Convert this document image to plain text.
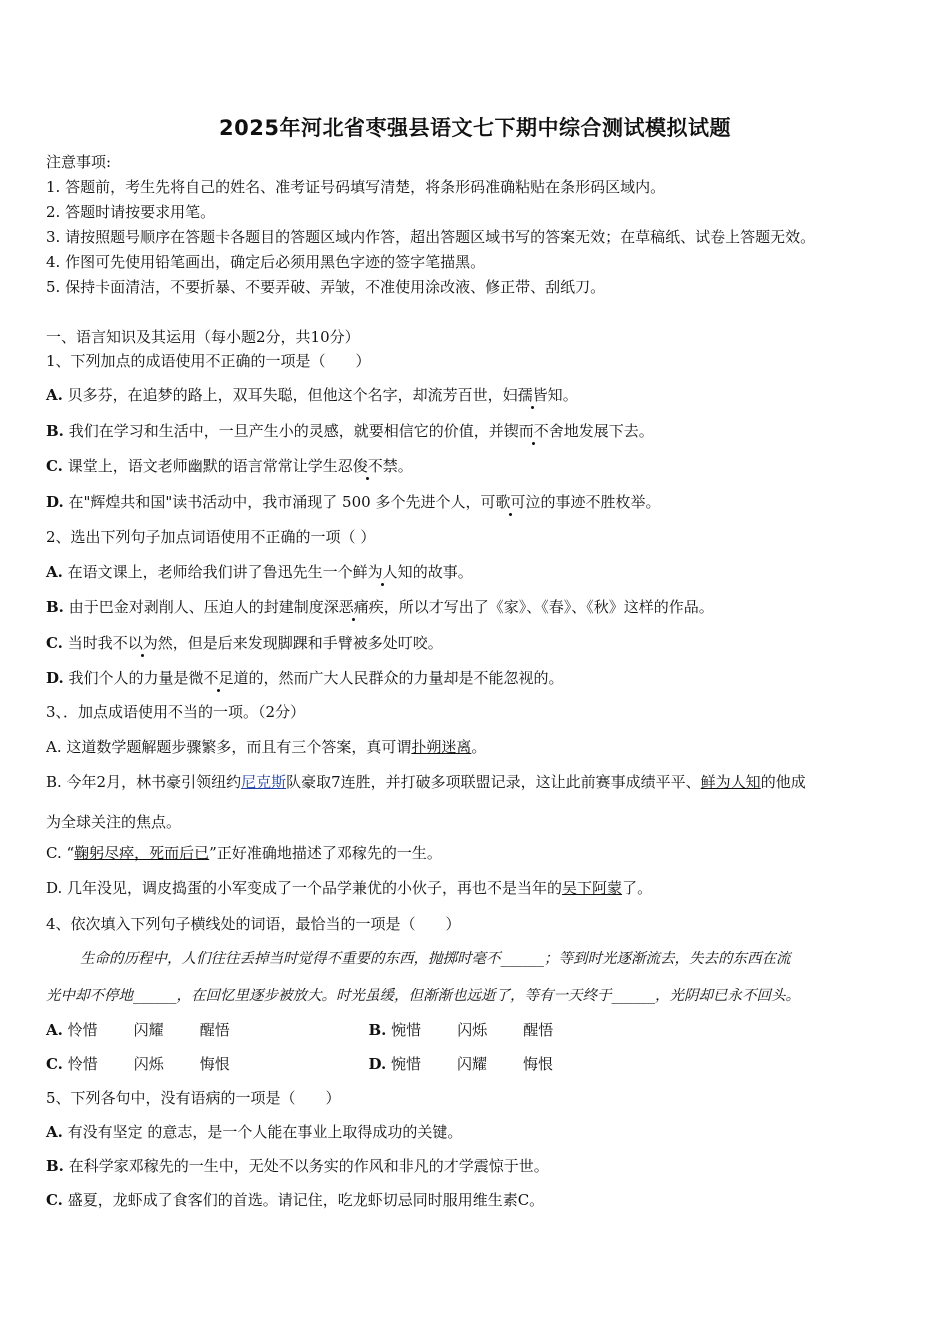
2025年河北省枣强县语文七下期中综合测试模拟试题
注意事项:
1. 答题前，考生先将自己的姓名、准考证号码填写清楚，将条形码准确粘贴在条形码区域内。
2. 答题时请按要求用笔。
3. 请按照题号顺序在答题卡各题目的答题区域内作答，超出答题区域书写的答案无效；在草稿纸、试卷上答题无效。
4. 作图可先使用铅笔画出，确定后必须用黑色字迹的签字笔描黑。
5. 保持卡面清洁，不要折暴、不要弄破、弄皱，不准使用涂改液、修正带、刮纸刀。
一、语言知识及其运用（每小题2分，共10分）
1、下列加点的成语使用不正确的一项是（　　）
A. 贝多芬，在追梦的路上，双耳失聪，但他这个名字，却流芳百世，妇孺皆知。
B. 我们在学习和生活中，一旦产生小的灵感，就要相信它的价值，并锲而不舍地发展下去。
C. 课堂上，语文老师幽默的语言常常让学生忍俊不禁。
D. 在"辉煌共和国"读书活动中，我市涌现了 500 多个先进个人，可歌可泣的事迹不胜枚举。
2、选出下列句子加点词语使用不正确的一项（ ）
A. 在语文课上，老师给我们讲了鲁迅先生一个鲜为人知的故事。
B. 由于巴金对剥削人、压迫人的封建制度深恶痛疾，所以才写出了《家》、《春》、《秋》这样的作品。
C. 当时我不以为然，但是后来发现脚踝和手臂被多处叮咬。
D. 我们个人的力量是微不足道的，然而广大人民群众的力量却是不能忽视的。
3、．加点成语使用不当的一项。（2分）
A. 这道数学题解题步骤繁多，而且有三个答案，真可谓扑朔迷离。
B. 今年2月，林书豪引领纽约尼克斯队豪取7连胜，并打破多项联盟记录，这让此前赛事成绩平平、鲜为人知的他成
为全球关注的焦点。
C. “鞠躬尽瘁，死而后已”正好准确地描述了邓稼先的一生。
D. 几年没见，调皮捣蛋的小军变成了一个品学兼优的小伙子，再也不是当年的吴下阿蒙了。
4、依次填入下列句子横线处的词语，最恰当的一项是（　　）
生命的历程中，人们往往丢掉当时觉得不重要的东西，抛掷时毫不______；等到时光逐渐流去，失去的东西在流
光中却不停地______，在回忆里逐步被放大。时光虽缓，但渐渐也远逝了，等有一天终于______，光阴却已永不回头。
A. 怜惜 闪耀 醒悟	B. 惋惜 闪烁 醒悟
C. 怜惜 闪烁 悔恨	D. 惋惜 闪耀 悔恨
5、下列各句中，没有语病的一项是（　　）
A. 有没有坚定 的意志，是一个人能在事业上取得成功的关键。
B. 在科学家邓稼先的一生中，无处不以务实的作风和非凡的才学震惊于世。
C. 盛夏，龙虾成了食客们的首选。请记住，吃龙虾切忌同时服用维生素C。
